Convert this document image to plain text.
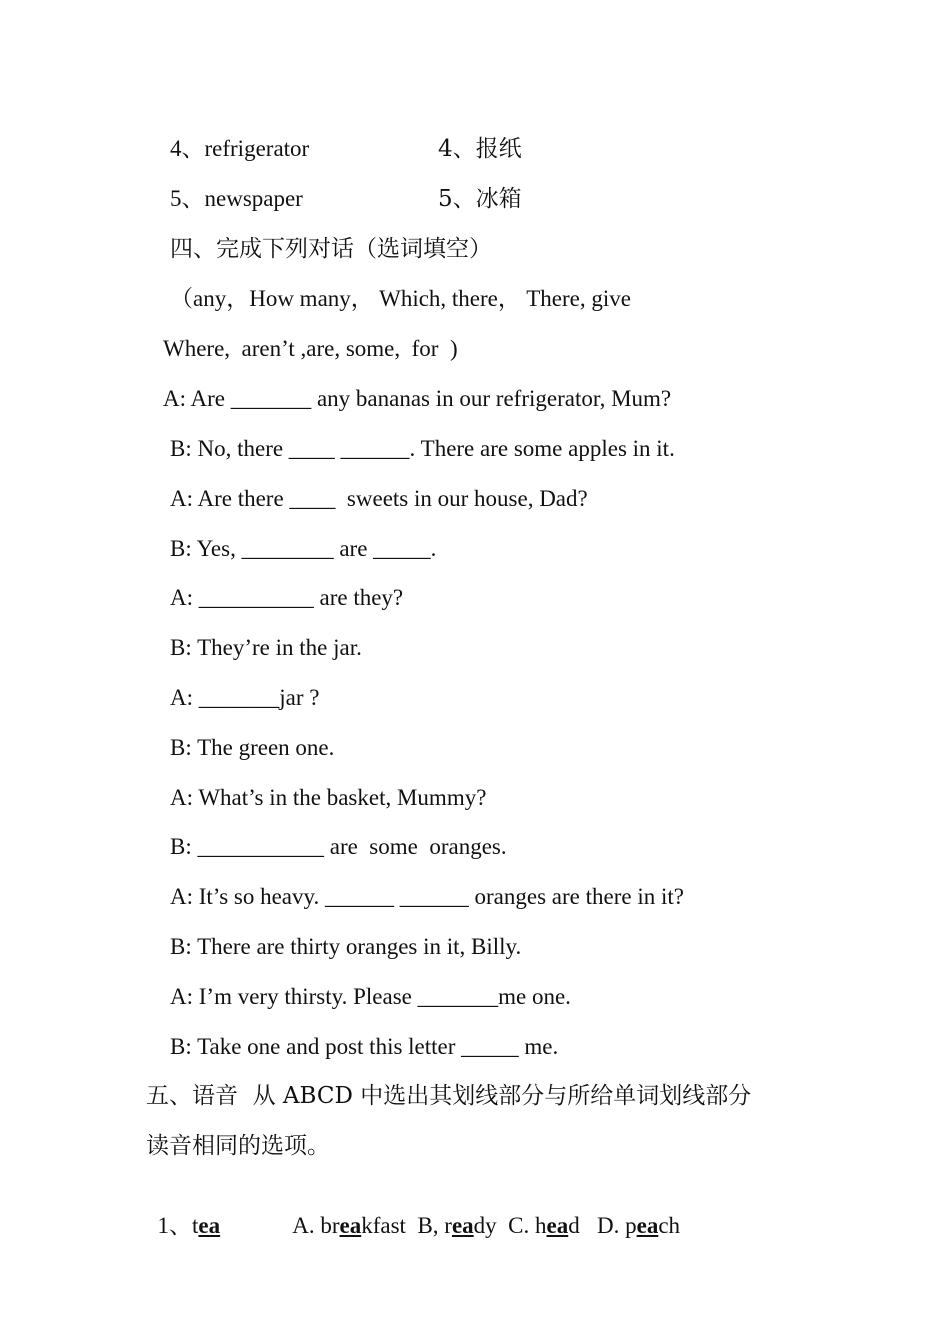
4、refrigerator	4、报纸
5、newspaper	5、冰箱
四、完成下列对话（选词填空）
（any，How many， Which, there， There, give
Where,  aren’t ,are, some,  for  )
A: Are _______ any bananas in our refrigerator, Mum?
B: No, there ____ ______. There are some apples in it.
A: Are there ____  sweets in our house, Dad?
B: Yes, ________ are _____.
A: __________ are they?
B: They’re in the jar.
A: _______jar ?
B: The green one.
A: What’s in the basket, Mummy?
B: ___________ are  some  oranges.
A: It’s so heavy. ______ ______ oranges are there in it?
B: There are thirty oranges in it, Billy.
A: I’m very thirsty. Please _______me one.
B: Take one and post this letter _____ me.
五、语音  从 ABCD 中选出其划线部分与所给单词划线部分
读音相同的选项。

1、tea	A. breakfast  B, ready  C. head   D. peach
